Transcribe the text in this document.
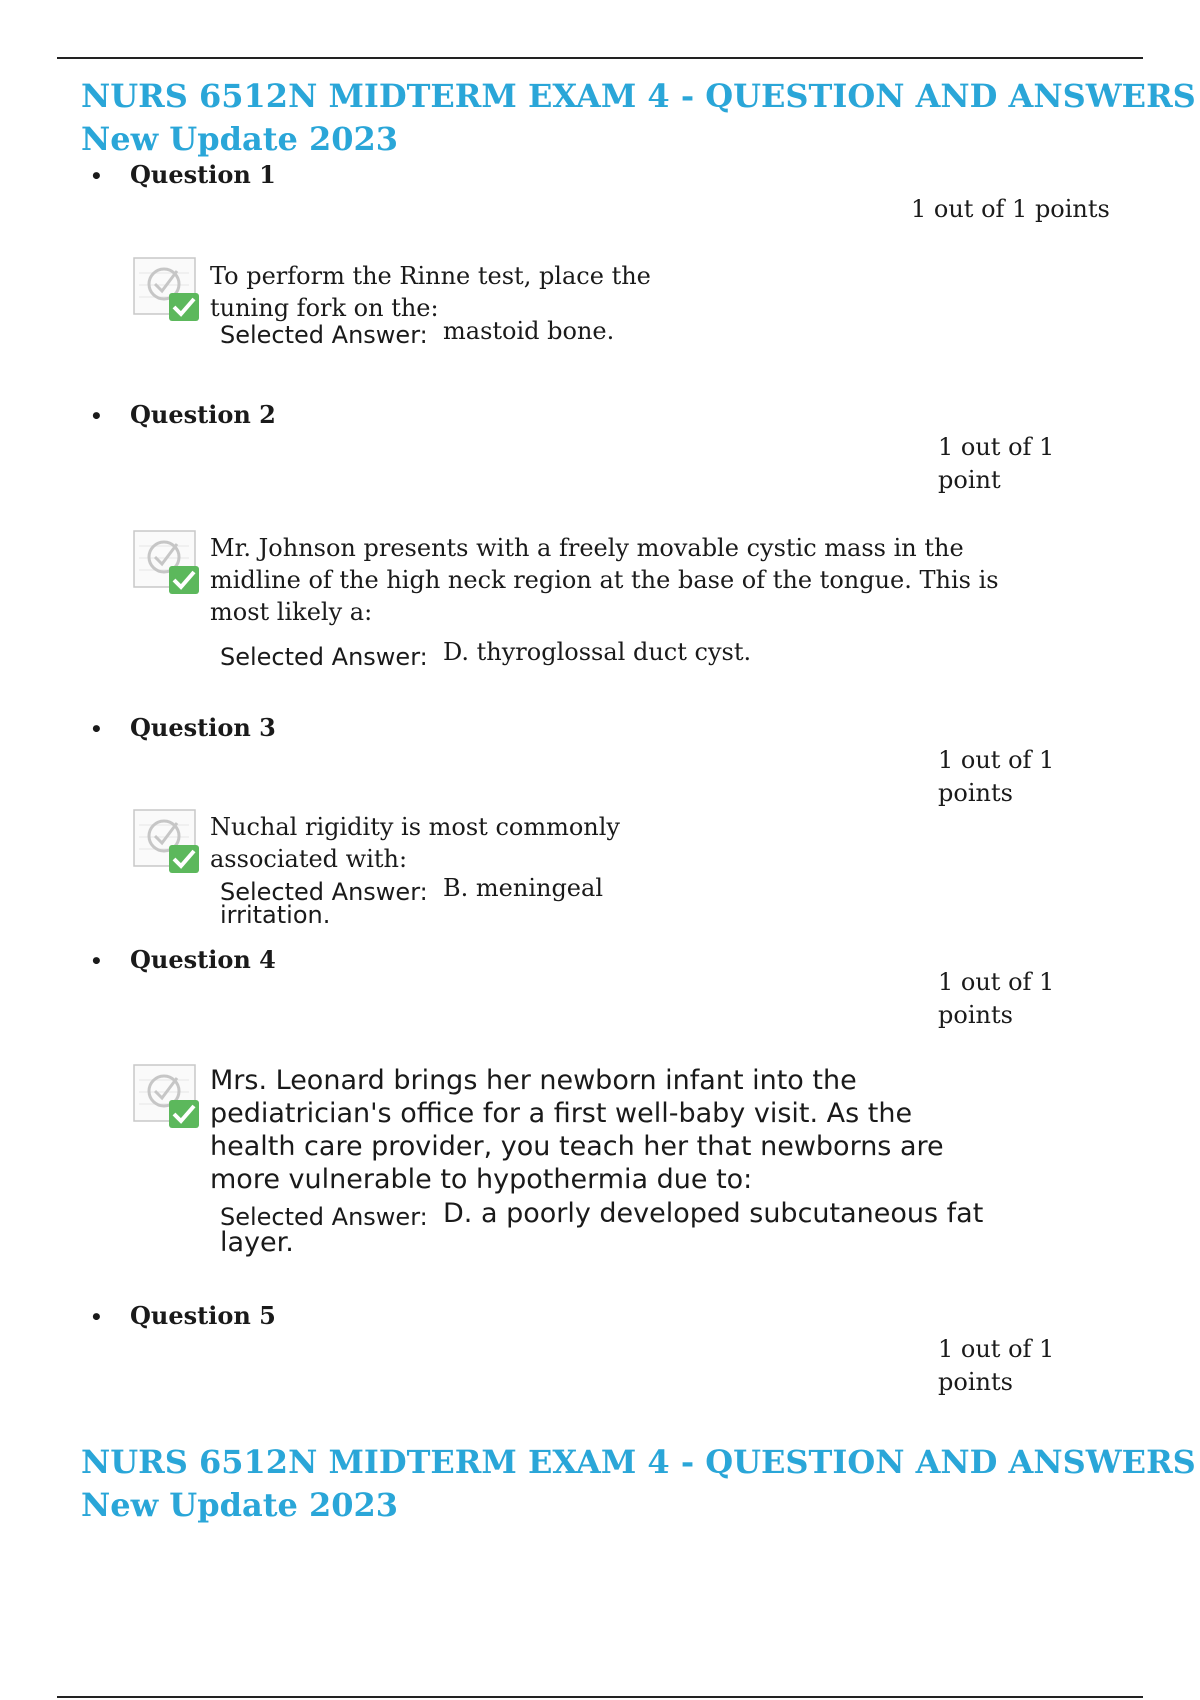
NURS 6512N MIDTERM EXAM 4 - QUESTION AND ANSWERS
New Update 2023
• Question 1
1 out of 1 points
To perform the Rinne test, place the
tuning fork on the:
Selected Answer: mastoid bone.
• Question 2
1 out of 1
point
Mr. Johnson presents with a freely movable cystic mass in the
midline of the high neck region at the base of the tongue. This is
most likely a:
Selected Answer: D. thyroglossal duct cyst.
• Question 3
1 out of 1
points
Nuchal rigidity is most commonly
associated with:
Selected Answer: B. meningeal
irritation.
• Question 4
1 out of 1
points
Mrs. Leonard brings her newborn infant into the
pediatrician's office for a first well-baby visit. As the
health care provider, you teach her that newborns are
more vulnerable to hypothermia due to:
Selected Answer: D. a poorly developed subcutaneous fat
layer.
• Question 5
1 out of 1
points
NURS 6512N MIDTERM EXAM 4 - QUESTION AND ANSWERS
New Update 2023
